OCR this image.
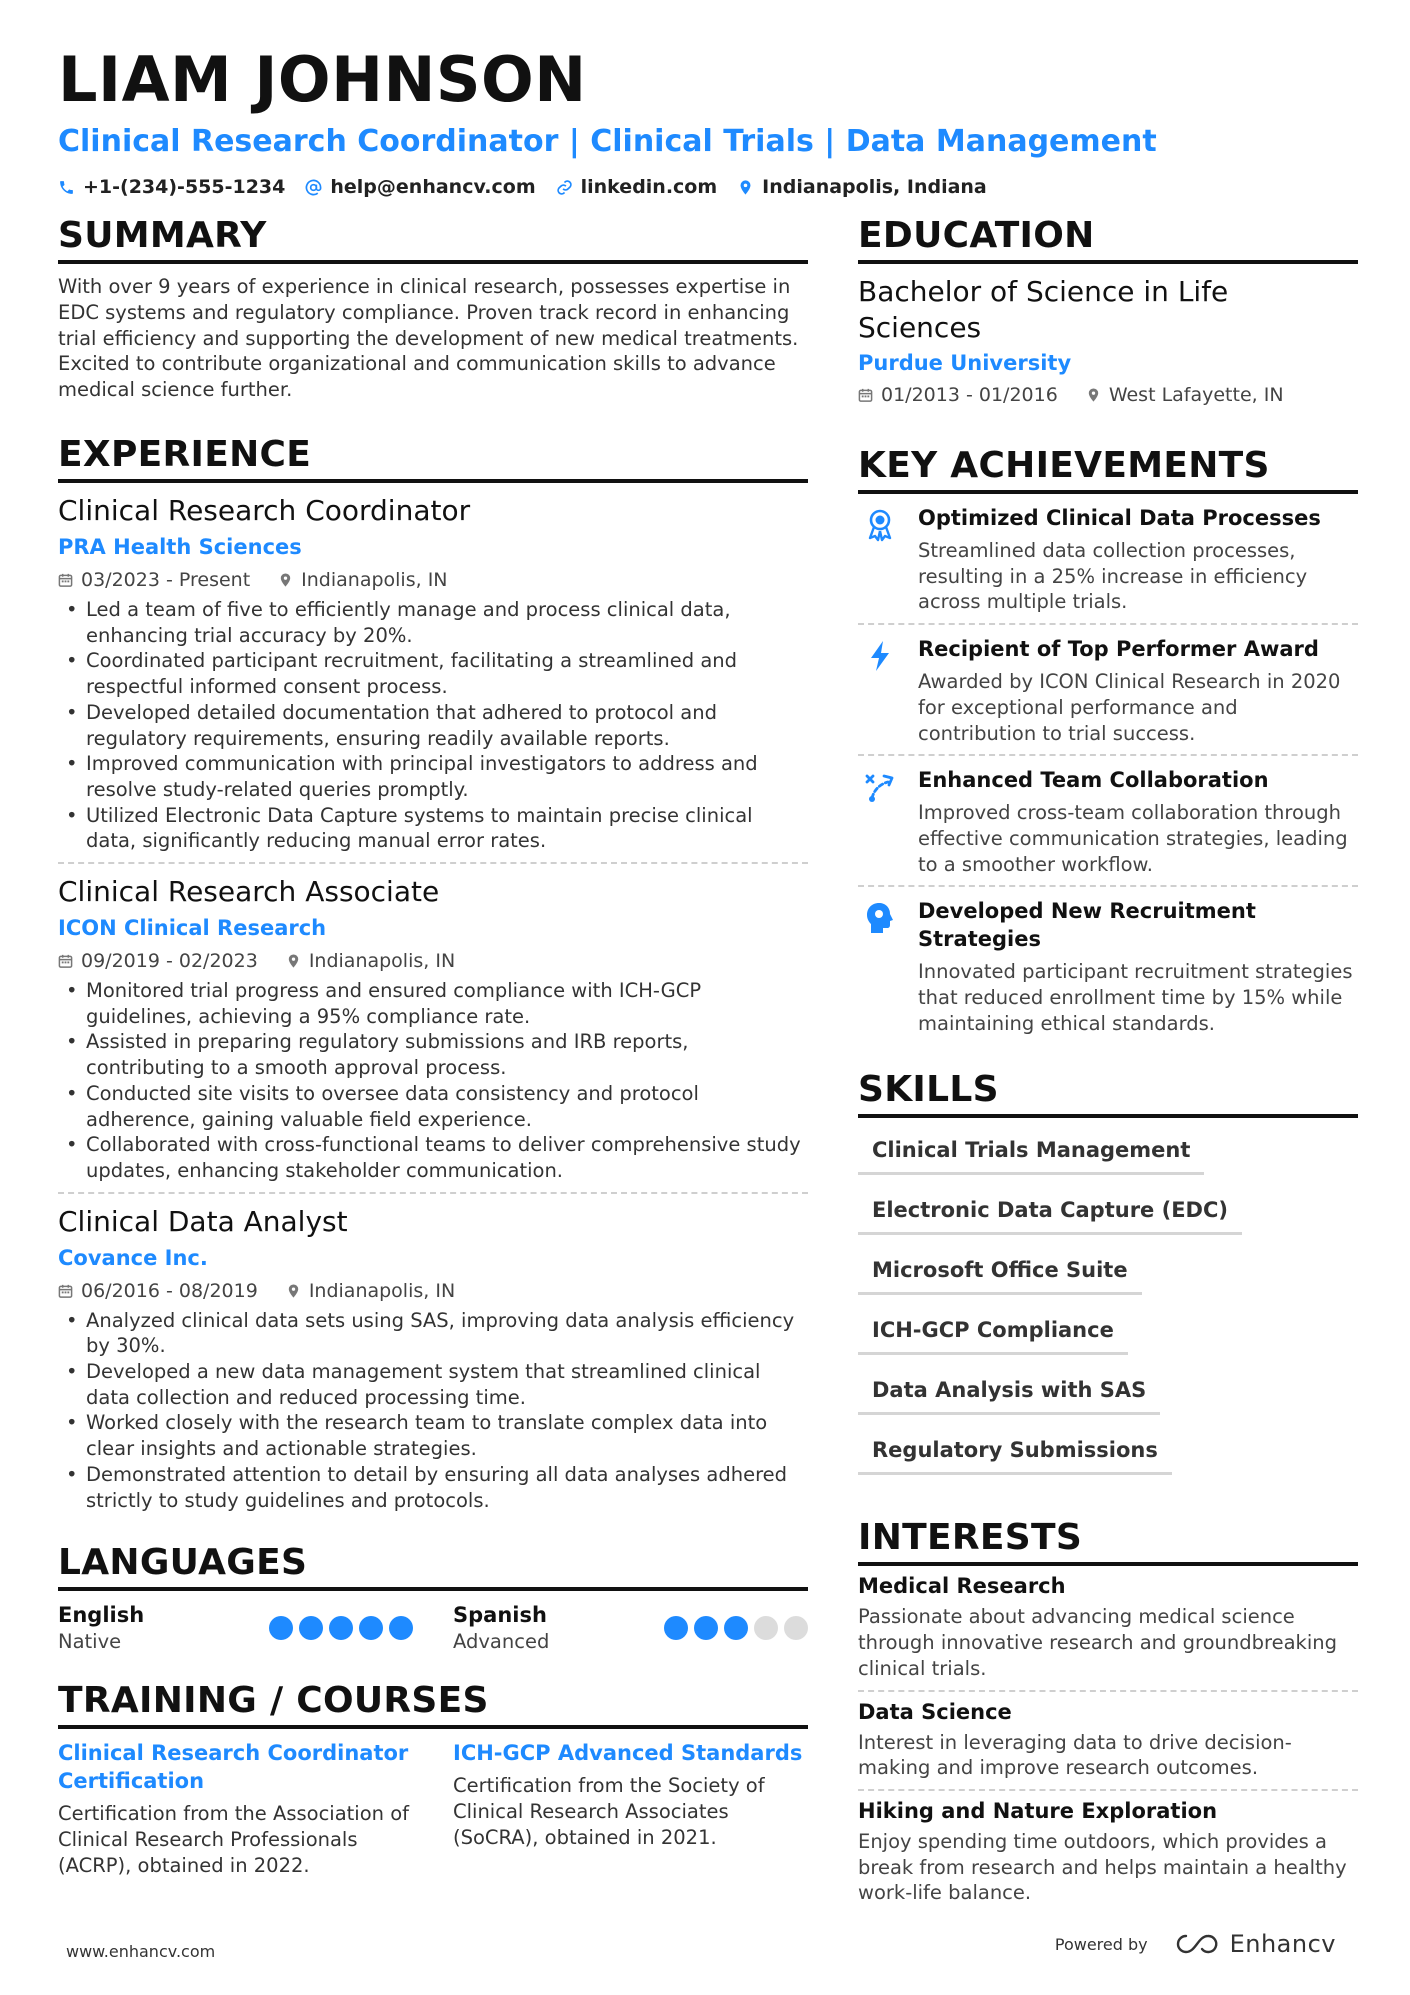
LIAM JOHNSON
Clinical Research Coordinator | Clinical Trials | Data Management
+1-(234)-555-1234 help@enhancv.com linkedin.com Indianapolis, Indiana
SUMMARY
With over 9 years of experience in clinical research, possesses expertise in EDC systems and regulatory compliance. Proven track record in enhancing trial efficiency and supporting the development of new medical treatments. Excited to contribute organizational and communication skills to advance medical science further.
EXPERIENCE
Clinical Research Coordinator
PRA Health Sciences
03/2023 - Present	Indianapolis, IN
• Led a team of five to efficiently manage and process clinical data, enhancing trial accuracy by 20%.
• Coordinated participant recruitment, facilitating a streamlined and respectful informed consent process.
• Developed detailed documentation that adhered to protocol and regulatory requirements, ensuring readily available reports.
• Improved communication with principal investigators to address and resolve study-related queries promptly.
• Utilized Electronic Data Capture systems to maintain precise clinical data, significantly reducing manual error rates.
Clinical Research Associate
ICON Clinical Research
09/2019 - 02/2023	Indianapolis, IN
• Monitored trial progress and ensured compliance with ICH-GCP guidelines, achieving a 95% compliance rate.
• Assisted in preparing regulatory submissions and IRB reports, contributing to a smooth approval process.
• Conducted site visits to oversee data consistency and protocol adherence, gaining valuable field experience.
• Collaborated with cross-functional teams to deliver comprehensive study updates, enhancing stakeholder communication.
Clinical Data Analyst
Covance Inc.
06/2016 - 08/2019	Indianapolis, IN
• Analyzed clinical data sets using SAS, improving data analysis efficiency by 30%.
• Developed a new data management system that streamlined clinical data collection and reduced processing time.
• Worked closely with the research team to translate complex data into clear insights and actionable strategies.
• Demonstrated attention to detail by ensuring all data analyses adhered strictly to study guidelines and protocols.
LANGUAGES
English
Native
Spanish
Advanced
TRAINING / COURSES
Clinical Research Coordinator Certification
Certification from the Association of Clinical Research Professionals (ACRP), obtained in 2022.
ICH-GCP Advanced Standards
Certification from the Society of Clinical Research Associates (SoCRA), obtained in 2021.
EDUCATION
Bachelor of Science in Life Sciences
Purdue University
01/2013 - 01/2016	West Lafayette, IN
KEY ACHIEVEMENTS
Optimized Clinical Data Processes
Streamlined data collection processes, resulting in a 25% increase in efficiency across multiple trials.
Recipient of Top Performer Award
Awarded by ICON Clinical Research in 2020 for exceptional performance and contribution to trial success.
Enhanced Team Collaboration
Improved cross-team collaboration through effective communication strategies, leading to a smoother workflow.
Developed New Recruitment Strategies
Innovated participant recruitment strategies that reduced enrollment time by 15% while maintaining ethical standards.
SKILLS
Clinical Trials Management
Electronic Data Capture (EDC)
Microsoft Office Suite
ICH-GCP Compliance
Data Analysis with SAS
Regulatory Submissions
INTERESTS
Medical Research
Passionate about advancing medical science through innovative research and groundbreaking clinical trials.
Data Science
Interest in leveraging data to drive decision-making and improve research outcomes.
Hiking and Nature Exploration
Enjoy spending time outdoors, which provides a break from research and helps maintain a healthy work-life balance.
www.enhancv.com	Powered by	Enhancv
